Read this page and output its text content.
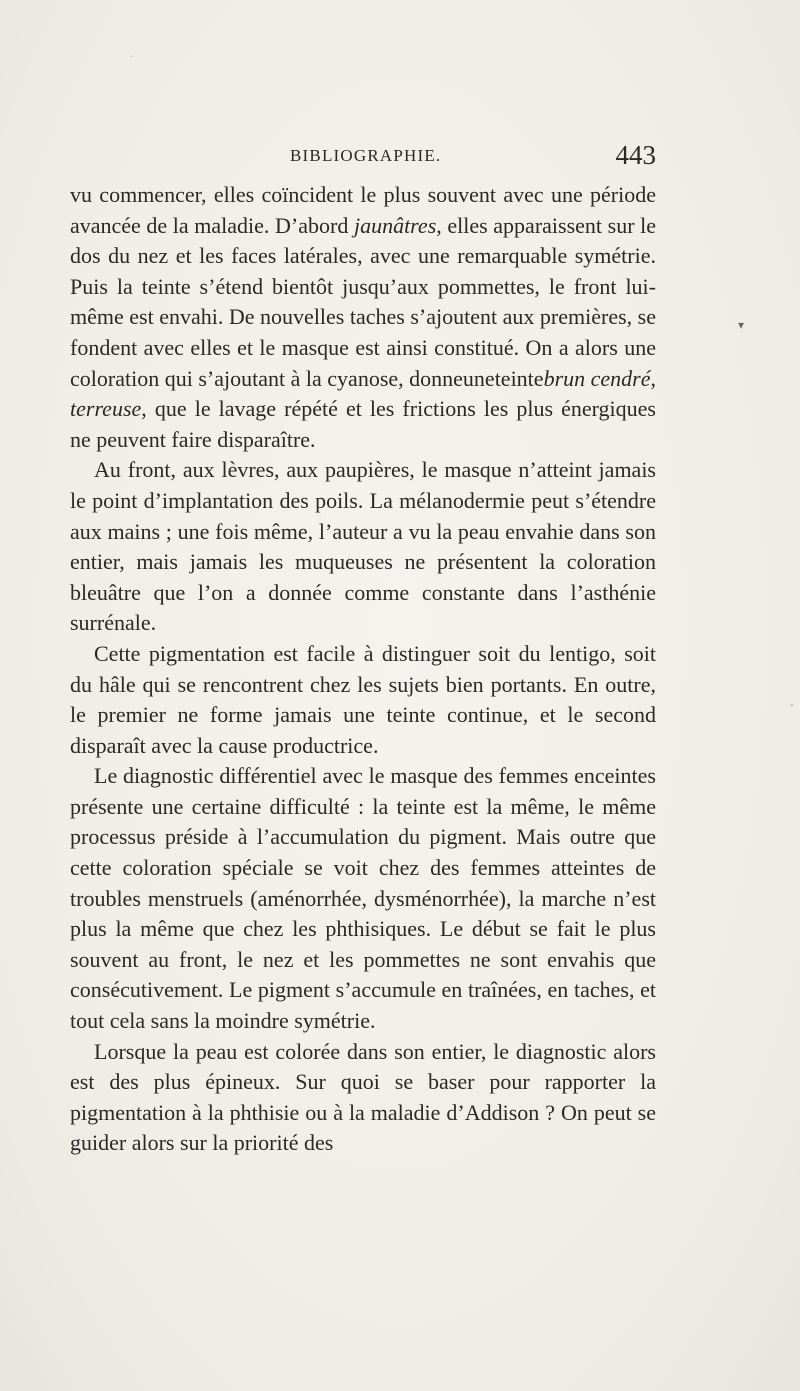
·
BIBLIOGRAPHIE.	443

vu commencer, elles coïncident le plus souvent avec une période avancée de la maladie. D’abord jaunâtres, elles apparaissent sur le dos du nez et les faces latérales, avec une remarquable symétrie. Puis la teinte s’étend bientôt jusqu’aux pommettes, le front lui-même est envahi. De nouvelles taches s’ajoutent aux premières, se fondent avec elles et le masque est ainsi constitué. On a alors une coloration qui s’ajoutant à la cyanose, donneuneteintebrun cendré, terreuse, que le lavage répété et les frictions les plus énergiques ne peuvent faire disparaître.

Au front, aux lèvres, aux paupières, le masque n’atteint jamais le point d’implantation des poils. La mélanodermie peut s’étendre aux mains ; une fois même, l’auteur a vu la peau envahie dans son entier, mais jamais les muqueuses ne présentent la coloration bleuâtre que l’on a donnée comme constante dans l’asthénie surrénale.

Cette pigmentation est facile à distinguer soit du lentigo, soit du hâle qui se rencontrent chez les sujets bien portants. En outre, le premier ne forme jamais une teinte continue, et le second disparaît avec la cause productrice.

Le diagnostic différentiel avec le masque des femmes enceintes présente une certaine difficulté : la teinte est la même, le même processus préside à l’accumulation du pigment. Mais outre que cette coloration spéciale se voit chez des femmes atteintes de troubles menstruels (aménorrhée, dysménorrhée), la marche n’est plus la même que chez les phthisiques. Le début se fait le plus souvent au front, le nez et les pommettes ne sont envahis que consécutivement. Le pigment s’accumule en traînées, en taches, et tout cela sans la moindre symétrie.

Lorsque la peau est colorée dans son entier, le diagnostic alors est des plus épineux. Sur quoi se baser pour rapporter la pigmentation à la phthisie ou à la maladie d’Addison ? On peut se guider alors sur la priorité des

▾
-
